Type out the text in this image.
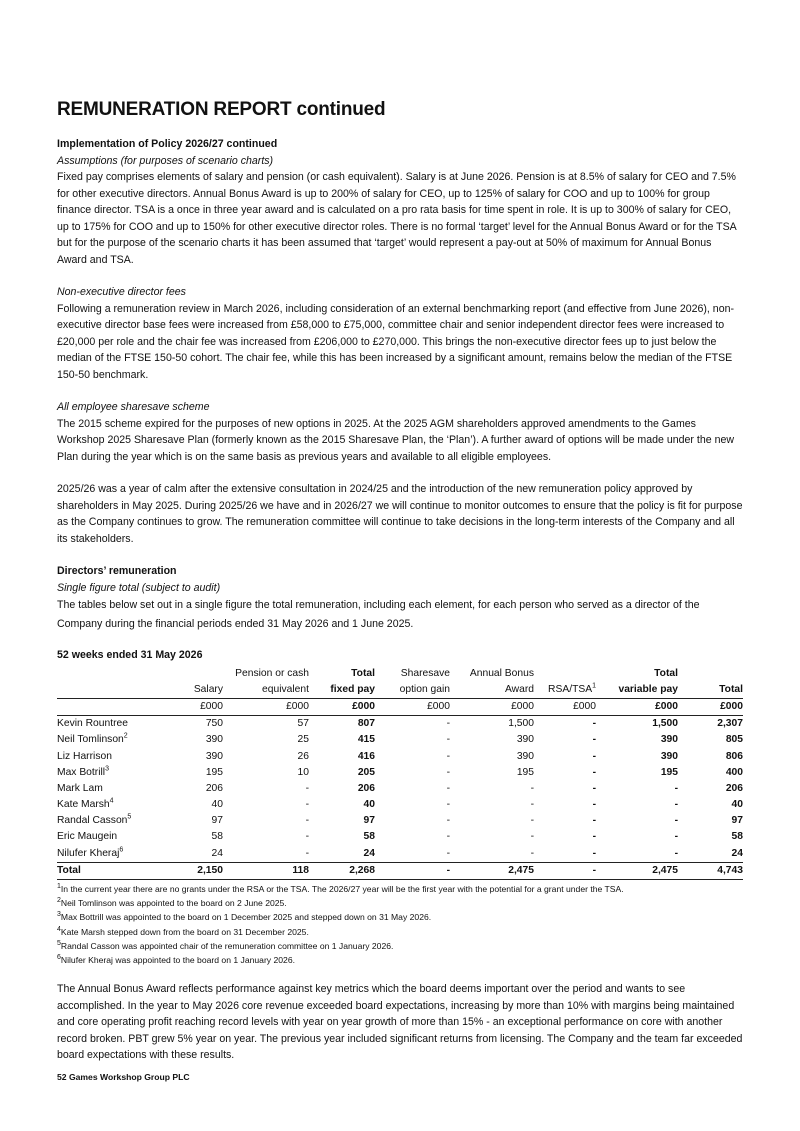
REMUNERATION REPORT continued

Implementation of Policy 2026/27 continued

Assumptions (for purposes of scenario charts)

Fixed pay comprises elements of salary and pension (or cash equivalent). Salary is at June 2026. Pension is at 8.5% of salary for CEO and 7.5% for other executive directors. Annual Bonus Award is up to 200% of salary for CEO, up to 125% of salary for COO and up to 100% for group finance director. TSA is a once in three year award and is calculated on a pro rata basis for time spent in role. It is up to 300% of salary for CEO, up to 175% for COO and up to 150% for other executive director roles. There is no formal ‘target’ level for the Annual Bonus Award or for the TSA but for the purpose of the scenario charts it has been assumed that ‘target’ would represent a pay-out at 50% of maximum for Annual Bonus Award and TSA.

Non-executive director fees

Following a remuneration review in March 2026, including consideration of an external benchmarking report (and effective from June 2026), non-executive director base fees were increased from £58,000 to £75,000, committee chair and senior independent director fees were increased to £20,000 per role and the chair fee was increased from £206,000 to £270,000. This brings the non-executive director fees up to just below the median of the FTSE 150-50 cohort. The chair fee, while this has been increased by a significant amount, remains below the median of the FTSE 150-50 benchmark.

All employee sharesave scheme

The 2015 scheme expired for the purposes of new options in 2025. At the 2025 AGM shareholders approved amendments to the Games Workshop 2025 Sharesave Plan (formerly known as the 2015 Sharesave Plan, the ‘Plan’). A further award of options will be made under the new Plan during the year which is on the same basis as previous years and available to all eligible employees.

2025/26 was a year of calm after the extensive consultation in 2024/25 and the introduction of the new remuneration policy approved by shareholders in May 2025. During 2025/26 we have and in 2026/27 we will continue to monitor outcomes to ensure that the policy is fit for purpose as the Company continues to grow. The remuneration committee will continue to take decisions in the long-term interests of the Company and all its stakeholders.

Directors’ remuneration

Single figure total (subject to audit)

The tables below set out in a single figure the total remuneration, including each element, for each person who served as a director of the Company during the financial periods ended 31 May 2026 and 1 June 2025.

52 weeks ended 31 May 2026

		Pension or cash	Total	Sharesave	Annual Bonus		Total	
	Salary	equivalent	fixed pay	option gain	Award	RSA/TSA$^1$	variable pay	Total
	£000	£000	£000	£000	£000	£000	£000	£000
Kevin Rountree	750	57	807	-	1,500	-	1,500	2,307
Neil Tomlinson$^2$	390	25	415	-	390	-	390	805
Liz Harrison	390	26	416	-	390	-	390	806
Max Botrill$^3$	195	10	205	-	195	-	195	400
Mark Lam	206	-	206	-	-	-	-	206
Kate Marsh$^4$	40	-	40	-	-	-	-	40
Randal Casson$^5$	97	-	97	-	-	-	-	97
Eric Maugein	58	-	58	-	-	-	-	58
Nilufer Kheraj$^6$	24	-	24	-	-	-	-	24
Total	2,150	118	2,268	-	2,475	-	2,475	4,743

$^1$In the current year there are no grants under the RSA or the TSA. The 2026/27 year will be the first year with the potential for a grant under the TSA.

$^2$Neil Tomlinson was appointed to the board on 2 June 2025.

$^3$Max Bottrill was appointed to the board on 1 December 2025 and stepped down on 31 May 2026.

$^4$Kate Marsh stepped down from the board on 31 December 2025.

$^5$Randal Casson was appointed chair of the remuneration committee on 1 January 2026.

$^6$Nilufer Kheraj was appointed to the board on 1 January 2026.

The Annual Bonus Award reflects performance against key metrics which the board deems important over the period and wants to see accomplished. In the year to May 2026 core revenue exceeded board expectations, increasing by more than 10% with margins being maintained and core operating profit reaching record levels with year on year growth of more than 15% - an exceptional performance on core with another record broken. PBT grew 5% year on year. The previous year included significant returns from licensing. The Company and the team far exceeded board expectations with these results.

52 Games Workshop Group PLC
